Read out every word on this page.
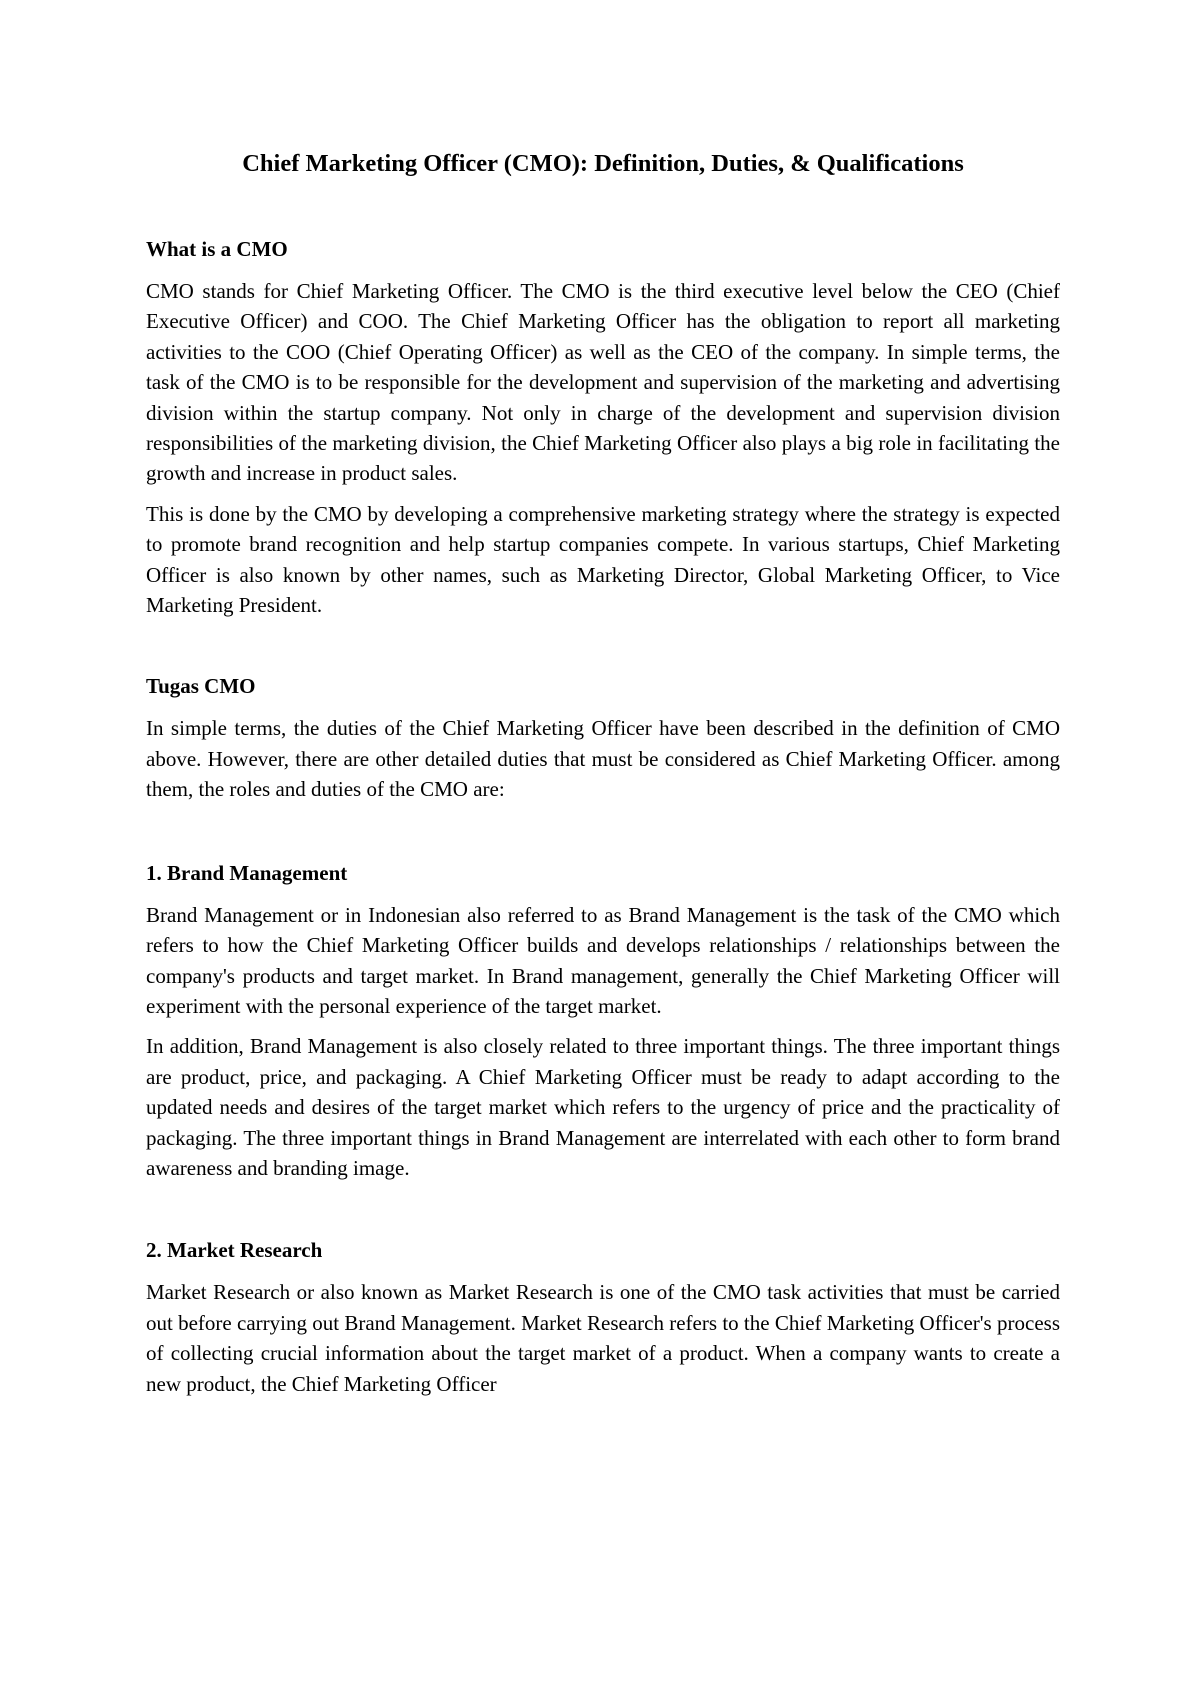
Chief Marketing Officer (CMO): Definition, Duties, & Qualifications
What is a CMO

CMO stands for Chief Marketing Officer. The CMO is the third executive level below the CEO (Chief Executive Officer) and COO. The Chief Marketing Officer has the obligation to report all marketing activities to the COO (Chief Operating Officer) as well as the CEO of the company. In simple terms, the task of the CMO is to be responsible for the development and supervision of the marketing and advertising division within the startup company. Not only in charge of the development and supervision division responsibilities of the marketing division, the Chief Marketing Officer also plays a big role in facilitating the growth and increase in product sales.

This is done by the CMO by developing a comprehensive marketing strategy where the strategy is expected to promote brand recognition and help startup companies compete. In various startups, Chief Marketing Officer is also known by other names, such as Marketing Director, Global Marketing Officer, to Vice Marketing President.

Tugas CMO

In simple terms, the duties of the Chief Marketing Officer have been described in the definition of CMO above. However, there are other detailed duties that must be considered as Chief Marketing Officer. among them, the roles and duties of the CMO are:

1. Brand Management

Brand Management or in Indonesian also referred to as Brand Management is the task of the CMO which refers to how the Chief Marketing Officer builds and develops relationships / relationships between the company's products and target market. In Brand management, generally the Chief Marketing Officer will experiment with the personal experience of the target market.

In addition, Brand Management is also closely related to three important things. The three important things are product, price, and packaging. A Chief Marketing Officer must be ready to adapt according to the updated needs and desires of the target market which refers to the urgency of price and the practicality of packaging. The three important things in Brand Management are interrelated with each other to form brand awareness and branding image.

2. Market Research

Market Research or also known as Market Research is one of the CMO task activities that must be carried out before carrying out Brand Management. Market Research refers to the Chief Marketing Officer's process of collecting crucial information about the target market of a product. When a company wants to create a new product, the Chief Marketing Officer
